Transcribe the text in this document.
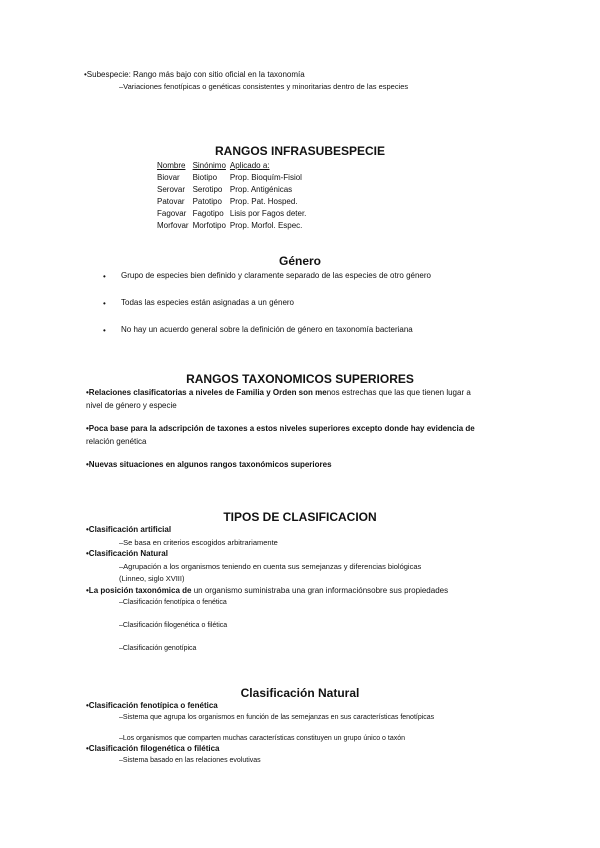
•Subespecie: Rango más bajo con sitio oficial en la taxonomía
–Variaciones fenotípicas o genéticas consistentes y minoritarias dentro de las especies
RANGOS INFRASUBESPECIE
Nombre	Sinónimo	Aplicado a:
Biovar	Biotipo	Prop. Bioquím-Fisiol
Serovar	Serotipo	Prop. Antigénicas
Patovar	Patotipo	Prop. Pat. Hosped.
Fagovar	Fagotipo	Lisis por Fagos deter.
Morfovar	Morfotipo	Prop. Morfol. Espec.
Género
• Grupo de especies bien definido y claramente separado de las especies de otro género
• Todas las especies están asignadas a un género
• No hay un acuerdo general sobre la definición de género en taxonomía bacteriana
RANGOS TAXONOMICOS SUPERIORES
•Relaciones clasificatorias a niveles de Familia y Orden son menos estrechas que las que tienen lugar a
nivel de género y especie
•Poca base para la adscripción de taxones a estos niveles superiores excepto donde hay evidencia de
relación genética
•Nuevas situaciones en algunos rangos taxonómicos superiores
TIPOS DE CLASIFICACION
•Clasificación artificial
–Se basa en criterios escogidos arbitrariamente
•Clasificación Natural
–Agrupación a los organismos teniendo en cuenta sus semejanzas y diferencias biológicas
(Linneo, siglo XVIII)
•La posición taxonómica de un organismo suministraba una gran informaciónsobre sus propiedades
–Clasificación fenotípica o fenética
–Clasificación filogenética o filética
–Clasificación genotípica
Clasificación Natural
•Clasificación fenotípica o fenética
–Sistema que agrupa los organismos en función de las semejanzas en sus características fenotípicas
–Los organismos que comparten muchas características constituyen un grupo único o taxón
•Clasificación filogenética o filética
–Sistema basado en las relaciones evolutivas
